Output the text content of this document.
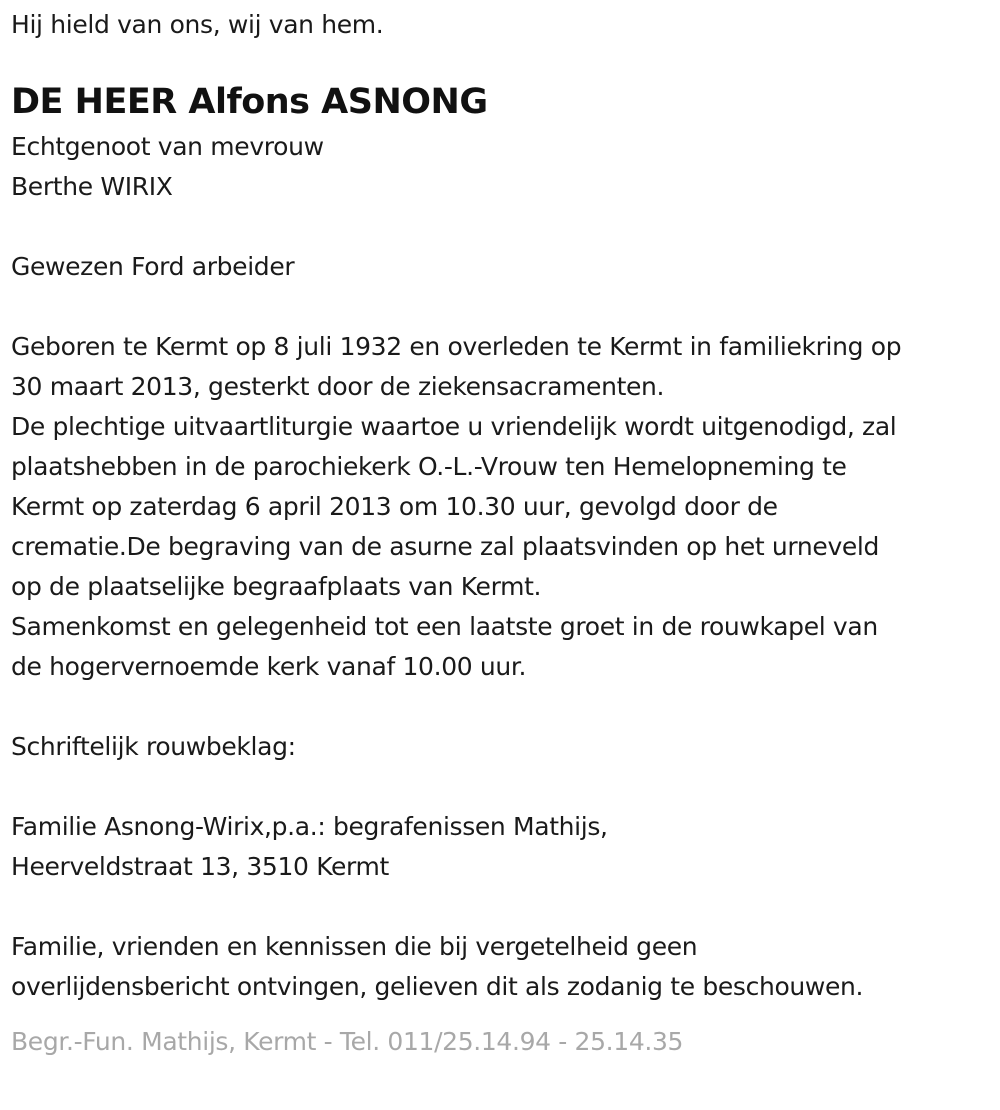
Hij hield van ons, wij van hem.
DE HEER Alfons ASNONG
Echtgenoot van mevrouw
Berthe WIRIX
Gewezen Ford arbeider
Geboren te Kermt op 8 juli 1932 en overleden te Kermt in familiekring op
30 maart 2013, gesterkt door de ziekensacramenten.
De plechtige uitvaartliturgie waartoe u vriendelijk wordt uitgenodigd, zal
plaatshebben in de parochiekerk O.-L.-Vrouw ten Hemelopneming te
Kermt op zaterdag 6 april 2013 om 10.30 uur, gevolgd door de
crematie.De begraving van de asurne zal plaatsvinden op het urneveld
op de plaatselijke begraafplaats van Kermt.
Samenkomst en gelegenheid tot een laatste groet in de rouwkapel van
de hogervernoemde kerk vanaf 10.00 uur.
Schriftelijk rouwbeklag:
Familie Asnong-Wirix,p.a.: begrafenissen Mathijs,
Heerveldstraat 13, 3510 Kermt
Familie, vrienden en kennissen die bij vergetelheid geen
overlijdensbericht ontvingen, gelieven dit als zodanig te beschouwen.
Begr.-Fun. Mathijs, Kermt - Tel. 011/25.14.94 - 25.14.35
